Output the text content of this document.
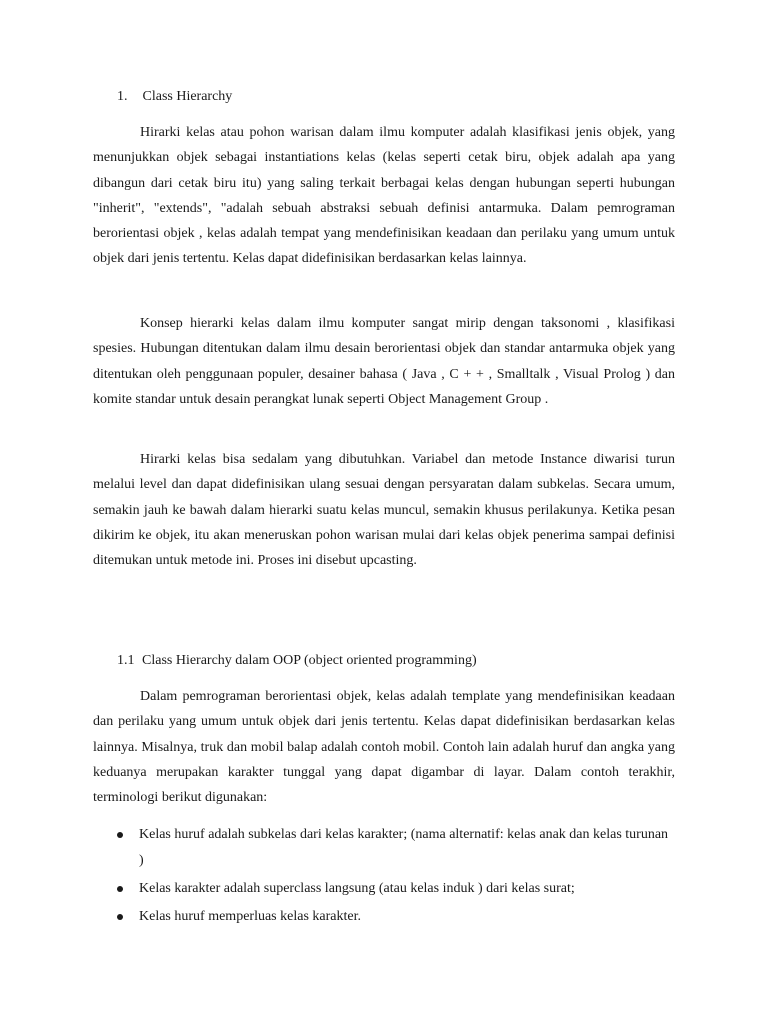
1. Class Hierarchy

Hirarki kelas atau pohon warisan dalam ilmu komputer adalah klasifikasi jenis objek, yang menunjukkan objek sebagai instantiations kelas (kelas seperti cetak biru, objek adalah apa yang dibangun dari cetak biru itu) yang saling terkait berbagai kelas dengan hubungan seperti hubungan "inherit", "extends", "adalah sebuah abstraksi sebuah definisi antarmuka. Dalam pemrograman berorientasi objek , kelas adalah tempat yang mendefinisikan keadaan dan perilaku yang umum untuk objek dari jenis tertentu. Kelas dapat didefinisikan berdasarkan kelas lainnya.

Konsep hierarki kelas dalam ilmu komputer sangat mirip dengan taksonomi , klasifikasi spesies. Hubungan ditentukan dalam ilmu desain berorientasi objek dan standar antarmuka objek yang ditentukan oleh penggunaan populer, desainer bahasa ( Java , C + + , Smalltalk , Visual Prolog ) dan komite standar untuk desain perangkat lunak seperti Object Management Group .

Hirarki kelas bisa sedalam yang dibutuhkan. Variabel dan metode Instance diwarisi turun melalui level dan dapat didefinisikan ulang sesuai dengan persyaratan dalam subkelas. Secara umum, semakin jauh ke bawah dalam hierarki suatu kelas muncul, semakin khusus perilakunya. Ketika pesan dikirim ke objek, itu akan meneruskan pohon warisan mulai dari kelas objek penerima sampai definisi ditemukan untuk metode ini. Proses ini disebut upcasting.

1.1 Class Hierarchy dalam OOP (object oriented programming)

Dalam pemrograman berorientasi objek, kelas adalah template yang mendefinisikan keadaan dan perilaku yang umum untuk objek dari jenis tertentu. Kelas dapat didefinisikan berdasarkan kelas lainnya. Misalnya, truk dan mobil balap adalah contoh mobil. Contoh lain adalah huruf dan angka yang keduanya merupakan karakter tunggal yang dapat digambar di layar. Dalam contoh terakhir, terminologi berikut digunakan:

Kelas huruf adalah subkelas dari kelas karakter; (nama alternatif: kelas anak dan kelas turunan )
Kelas karakter adalah superclass langsung (atau kelas induk ) dari kelas surat;
Kelas huruf memperluas kelas karakter.
